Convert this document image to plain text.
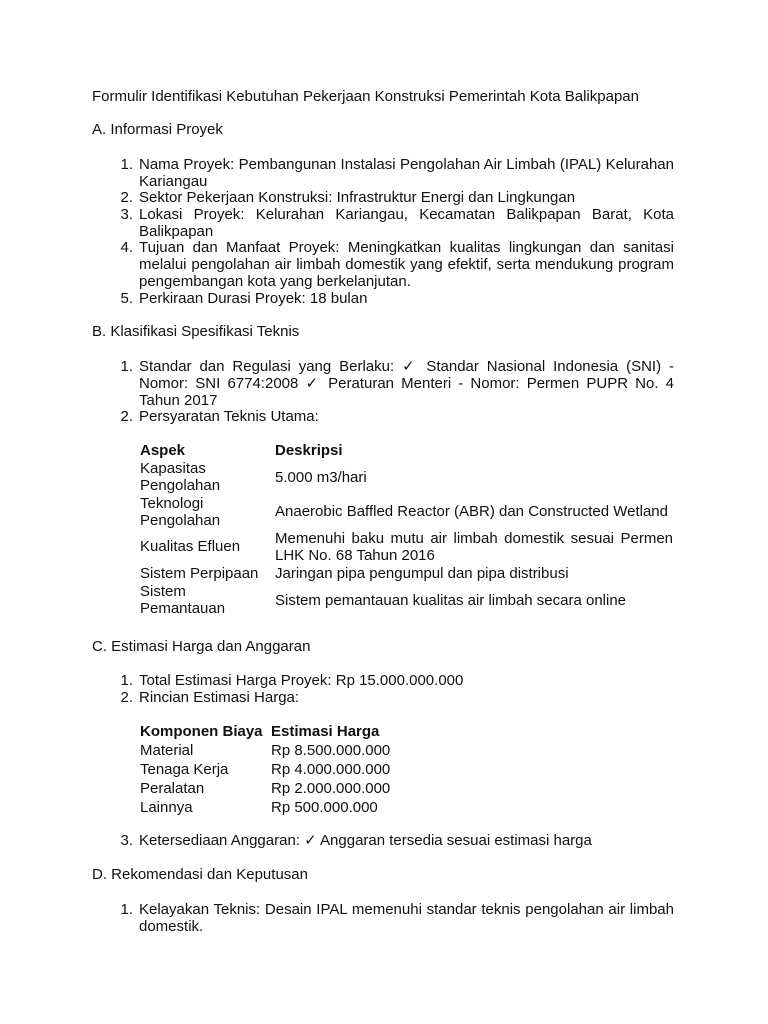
Formulir Identifikasi Kebutuhan Pekerjaan Konstruksi Pemerintah Kota Balikpapan
A. Informasi Proyek
1. Nama Proyek: Pembangunan Instalasi Pengolahan Air Limbah (IPAL) Kelurahan Kariangau
2. Sektor Pekerjaan Konstruksi: Infrastruktur Energi dan Lingkungan
3. Lokasi Proyek: Kelurahan Kariangau, Kecamatan Balikpapan Barat, Kota Balikpapan
4. Tujuan dan Manfaat Proyek: Meningkatkan kualitas lingkungan dan sanitasi melalui pengolahan air limbah domestik yang efektif, serta mendukung program pengembangan kota yang berkelanjutan.
5. Perkiraan Durasi Proyek: 18 bulan
B. Klasifikasi Spesifikasi Teknis
1. Standar dan Regulasi yang Berlaku: ✓ Standar Nasional Indonesia (SNI) - Nomor: SNI 6774:2008 ✓ Peraturan Menteri - Nomor: Permen PUPR No. 4 Tahun 2017
2. Persyaratan Teknis Utama:
Aspek	Deskripsi
Kapasitas Pengolahan	5.000 m3/hari
Teknologi Pengolahan	Anaerobic Baffled Reactor (ABR) dan Constructed Wetland
Kualitas Efluen	Memenuhi baku mutu air limbah domestik sesuai Permen LHK No. 68 Tahun 2016
Sistem Perpipaan	Jaringan pipa pengumpul dan pipa distribusi
Sistem Pemantauan	Sistem pemantauan kualitas air limbah secara online
C. Estimasi Harga dan Anggaran
1. Total Estimasi Harga Proyek: Rp 15.000.000.000
2. Rincian Estimasi Harga:
Komponen Biaya	Estimasi Harga
Material	Rp 8.500.000.000
Tenaga Kerja	Rp 4.000.000.000
Peralatan	Rp 2.000.000.000
Lainnya	Rp 500.000.000
3. Ketersediaan Anggaran: ✓ Anggaran tersedia sesuai estimasi harga
D. Rekomendasi dan Keputusan
1. Kelayakan Teknis: Desain IPAL memenuhi standar teknis pengolahan air limbah domestik.
